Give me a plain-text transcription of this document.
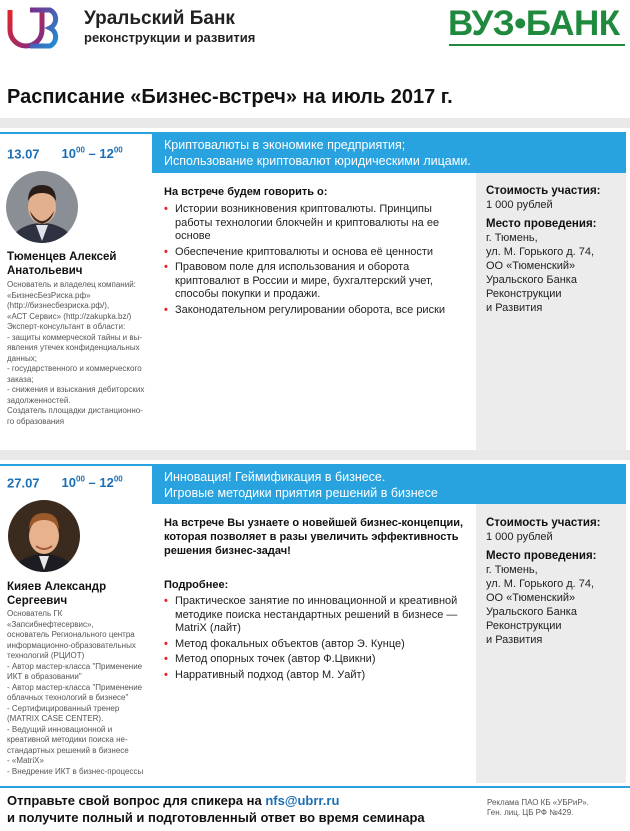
Уральский Банк
реконструкции и развития	ВУЗ•БАНК
Расписание «Бизнес-встреч» на июль 2017 г.
13.07 $10^{00} - 12^{00}$	Криптовалюты в экономике предприятия;
Использование криптовалют юридическими лицами.
Тюменцев Алексей
Анатольевич
Основатель и владелец компаний:
«БизнесБезРиска.рф»
(http://бизнесбезриска.рф/),
«АСТ Сервис» (http://zakupka.bz/)
Эксперт-консультант в области:
- защиты коммерческой тайны и вы-
явления утечек конфиденциальных
данных;
- государственного и коммерческого
заказа;
- снижения и взыскания дебиторских
задолженностей.
Создатель площадки дистанционно-
го образования
На встрече будем говорить о:
• Истории возникновения криптовалюты. Принципы работы технологии блокчейн и криптовалюты на ее основе
• Обеспечение криптовалюты и основа её ценности
• Правовом поле для использования и оборота криптовалют в России и мире, бухгалтерский учет, способы покупки и продажи.
• Законодательном регулировании оборота, все риски
Стоимость участия:
1 000 рублей
Место проведения:
г. Тюмень,
ул. М. Горького д. 74,
ОО «Тюменский»
Уральского Банка
Реконструкции
и Развития
27.07 $10^{00} - 12^{00}$	Инновация! Геймификация в бизнесе.
Игровые методики приятия решений в бизнесе
Кияев Александр
Сергеевич
Основатель ГК «Запсибнефтесервис»,
основатель Регионального центра
информационно-образовательных
технологий (РЦИОТ)
- Автор мастер-класса "Применение
ИКТ в образовании"
- Автор мастер-класса "Применение
облачных технологий в бизнесе"
- Сертифицированный тренер
(MATRIX CASE CENTER).
- Ведущий инновационной и
креативной методики поиска не-
стандартных решений в бизнесе
- «MatriX»
- Внедрение ИКТ в бизнес-процессы
На встрече Вы узнаете о новейшей бизнес-концепции, которая позволяет в разы увеличить эффективность решения бизнес-задач!
Подробнее:
• Практическое занятие по инновационной и креативной методике поиска нестандартных решений в бизнесе — MatriX (лайт)
• Метод фокальных объектов (автор Э. Кунце)
• Метод опорных точек (автор Ф.Цвикни)
• Нарративный подход (автор М. Уайт)
Стоимость участия:
1 000 рублей
Место проведения:
г. Тюмень,
ул. М. Горького д. 74,
ОО «Тюменский»
Уральского Банка
Реконструкции
и Развития
Отправьте свой вопрос для спикера на nfs@ubrr.ru
и получите полный и подготовленный ответ во время семинара
Реклама ПАО КБ «УБРиР».
Ген. лиц. ЦБ РФ №429.
